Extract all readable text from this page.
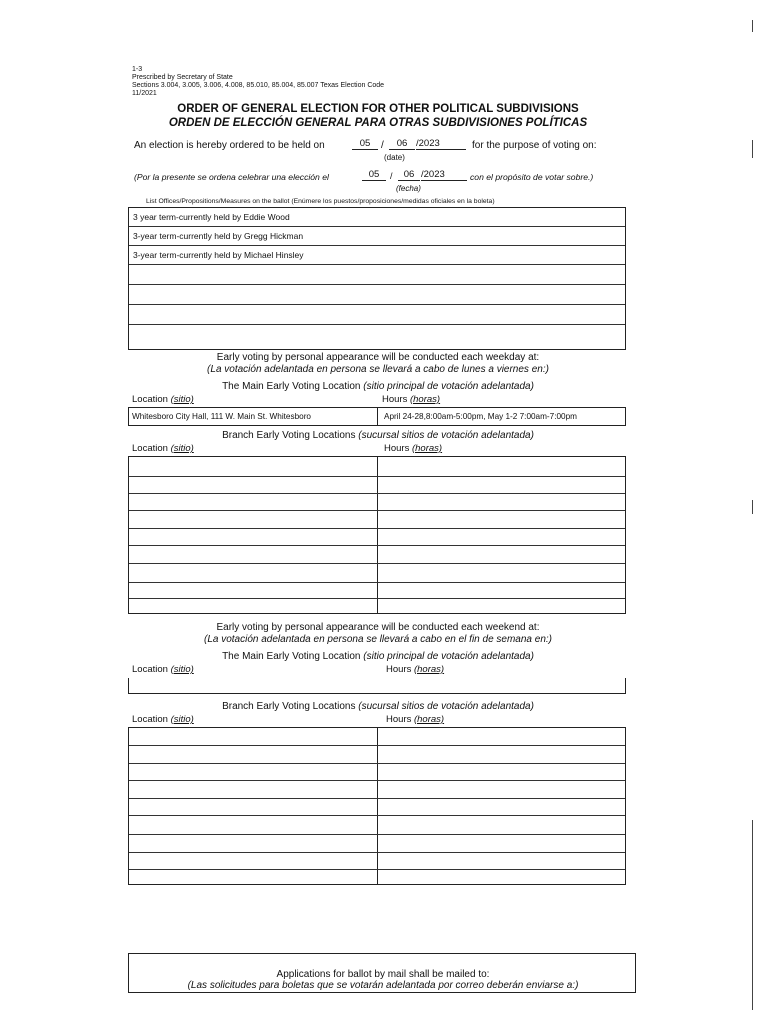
1-3
Prescribed by Secretary of State
Sections 3.004, 3.005, 3.006, 4.008, 85.010, 85.004, 85.007 Texas Election Code
11/2021
ORDER OF GENERAL ELECTION FOR OTHER POLITICAL SUBDIVISIONS
ORDEN DE ELECCIÓN GENERAL PARA OTRAS SUBDIVISIONES POLÍTICAS
An election is hereby ordered to be held on	05	/	06 /2023	for the purpose of voting on:
(date)
(Por la presente se ordena celebrar una elección el	05	/	06 /2023	con el propósito de votar sobre.)
(fecha)
List Offices/Propositions/Measures on the ballot (Enúmere los puestos/proposiciones/medidas oficiales en la boleta)
3 year term-currently held by Eddie Wood
3-year term-currently held by Gregg Hickman
3-year term-currently held by Michael Hinsley
Early voting by personal appearance will be conducted each weekday at:
(La votación adelantada en persona se llevará a cabo de lunes a viernes en:)
The Main Early Voting Location (sitio principal de votación adelantada)
Location (sitio)	Hours (horas)
Whitesboro City Hall, 111 W. Main St. Whitesboro	April 24-28,8:00am-5:00pm, May 1-2 7:00am-7:00pm
Branch Early Voting Locations (sucursal sitios de votación adelantada)
Location (sitio)	Hours (horas)
Early voting by personal appearance will be conducted each weekend at:
(La votación adelantada en persona se llevará a cabo en el fin de semana en:)
The Main Early Voting Location (sitio principal de votación adelantada)
Location (sitio)	Hours (horas)
Branch Early Voting Locations (sucursal sitios de votación adelantada)
Location (sitio)	Hours (horas)
Applications for ballot by mail shall be mailed to:
(Las solicitudes para boletas que se votarán adelantada por correo deberán enviarse a:)
